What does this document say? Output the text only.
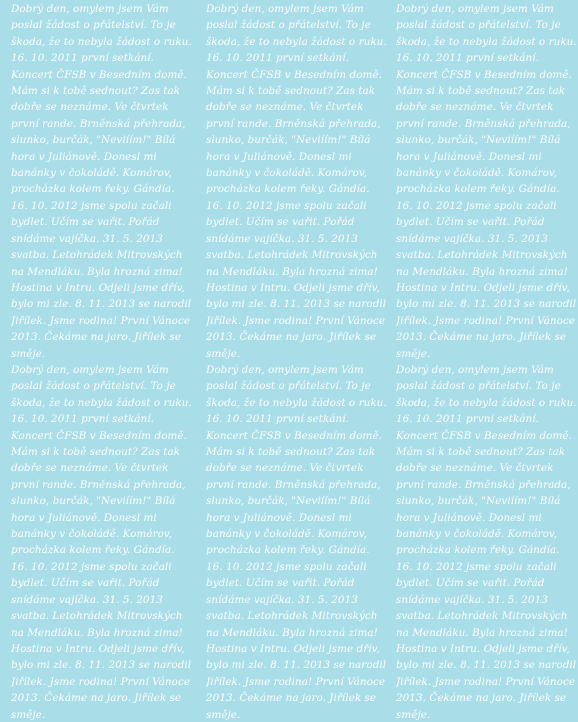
Dobrý den, omylem jsem Vám poslal žádost o přátelství. To je škoda, že to nebyla žádost o ruku. 16. 10. 2011 první setkání. Koncert ČFSB v Besedním domě. Mám si k tobě sednout? Zas tak dobře se neznáme. Ve čtvrtek první rande. Brněnská přehrada, slunko, burčák, "Neviíím!" Bílá hora v Juliánově. Donesl mi banánky v čokoládě. Komárov, procházka kolem řeky. Gándía. 16. 10. 2012 jsme spolu začali bydlet. Učím se vařit. Pořád snídáme vajíčka. 31. 5. 2013 svatba. Letohrádek Mitrovských na Mendláku. Byla hrozná zima! Hostina v Intru. Odjeli jsme dřív, bylo mi zle. 8. 11. 2013 se narodil Jiřílek. Jsme rodina! První Vánoce 2013. Čekáme na jaro. Jiřílek se směje.

Dobrý den, omylem jsem Vám poslal žádost o přátelství. To je škoda, že to nebyla žádost o ruku. 16. 10. 2011 první setkání. Koncert ČFSB v Besedním domě. Mám si k tobě sednout? Zas tak dobře se neznáme. Ve čtvrtek první rande. Brněnská přehrada, slunko, burčák, "Neviíím!" Bílá hora v Juliánově. Donesl mi banánky v čokoládě. Komárov, procházka kolem řeky. Gándía. 16. 10. 2012 jsme spolu začali bydlet. Učím se vařit. Pořád snídáme vajíčka. 31. 5. 2013 svatba. Letohrádek Mitrovských na Mendláku. Byla hrozná zima! Hostina v Intru. Odjeli jsme dřív, bylo mi zle. 8. 11. 2013 se narodil Jiřílek. Jsme rodina! První Vánoce 2013. Čekáme na jaro. Jiřílek se směje.

Dobrý den, omylem jsem Vám poslal žádost o přátelství. To je škoda, že to nebyla žádost o ruku. 16. 10. 2011 první setkání. Koncert ČFSB v Besedním domě. Mám si k tobě sednout? Zas tak dobře se neznáme. Ve čtvrtek první rande. Brněnská přehrada, slunko, burčák, "Neviíím!" Bílá hora v Juliánově. Donesl mi banánky v čokoládě. Komárov, procházka kolem řeky. Gándía. 16. 10. 2012 jsme spolu začali bydlet. Učím se vařit. Pořád snídáme vajíčka. 31. 5. 2013 svatba. Letohrádek Mitrovských na Mendláku. Byla hrozná zima! Hostina v Intru. Odjeli jsme dřív, bylo mi zle. 8. 11. 2013 se narodil Jiřílek. Jsme rodina! První Vánoce 2013. Čekáme na jaro. Jiřílek se směje.

Dobrý den, omylem jsem Vám poslal žádost o přátelství. To je škoda, že to nebyla žádost o ruku. 16. 10. 2011 první setkání. Koncert ČFSB v Besedním domě. Mám si k tobě sednout? Zas tak dobře se neznáme. Ve čtvrtek první rande. Brněnská přehrada, slunko, burčák, "Neviíím!" Bílá hora v Juliánově. Donesl mi banánky v čokoládě. Komárov, procházka kolem řeky. Gándía. 16. 10. 2012 jsme spolu začali bydlet. Učím se vařit. Pořád snídáme vajíčka. 31. 5. 2013 svatba. Letohrádek Mitrovských na Mendláku. Byla hrozná zima! Hostina v Intru. Odjeli jsme dřív, bylo mi zle. 8. 11. 2013 se narodil Jiřílek. Jsme rodina! První Vánoce 2013. Čekáme na jaro. Jiřílek se směje.

Dobrý den, omylem jsem Vám poslal žádost o přátelství. To je škoda, že to nebyla žádost o ruku. 16. 10. 2011 první setkání. Koncert ČFSB v Besedním domě. Mám si k tobě sednout? Zas tak dobře se neznáme. Ve čtvrtek první rande. Brněnská přehrada, slunko, burčák, "Neviíím!" Bílá hora v Juliánově. Donesl mi banánky v čokoládě. Komárov, procházka kolem řeky. Gándía. 16. 10. 2012 jsme spolu začali bydlet. Učím se vařit. Pořád snídáme vajíčka. 31. 5. 2013 svatba. Letohrádek Mitrovských na Mendláku. Byla hrozná zima! Hostina v Intru. Odjeli jsme dřív, bylo mi zle. 8. 11. 2013 se narodil Jiřílek. Jsme rodina! První Vánoce 2013. Čekáme na jaro. Jiřílek se směje.

Dobrý den, omylem jsem Vám poslal žádost o přátelství. To je škoda, že to nebyla žádost o ruku. 16. 10. 2011 první setkání. Koncert ČFSB v Besedním domě. Mám si k tobě sednout? Zas tak dobře se neznáme. Ve čtvrtek první rande. Brněnská přehrada, slunko, burčák, "Neviíím!" Bílá hora v Juliánově. Donesl mi banánky v čokoládě. Komárov, procházka kolem řeky. Gándía. 16. 10. 2012 jsme spolu začali bydlet. Učím se vařit. Pořád snídáme vajíčka. 31. 5. 2013 svatba. Letohrádek Mitrovských na Mendláku. Byla hrozná zima! Hostina v Intru. Odjeli jsme dřív, bylo mi zle. 8. 11. 2013 se narodil Jiřílek. Jsme rodina! První Vánoce 2013. Čekáme na jaro. Jiřílek se směje.
